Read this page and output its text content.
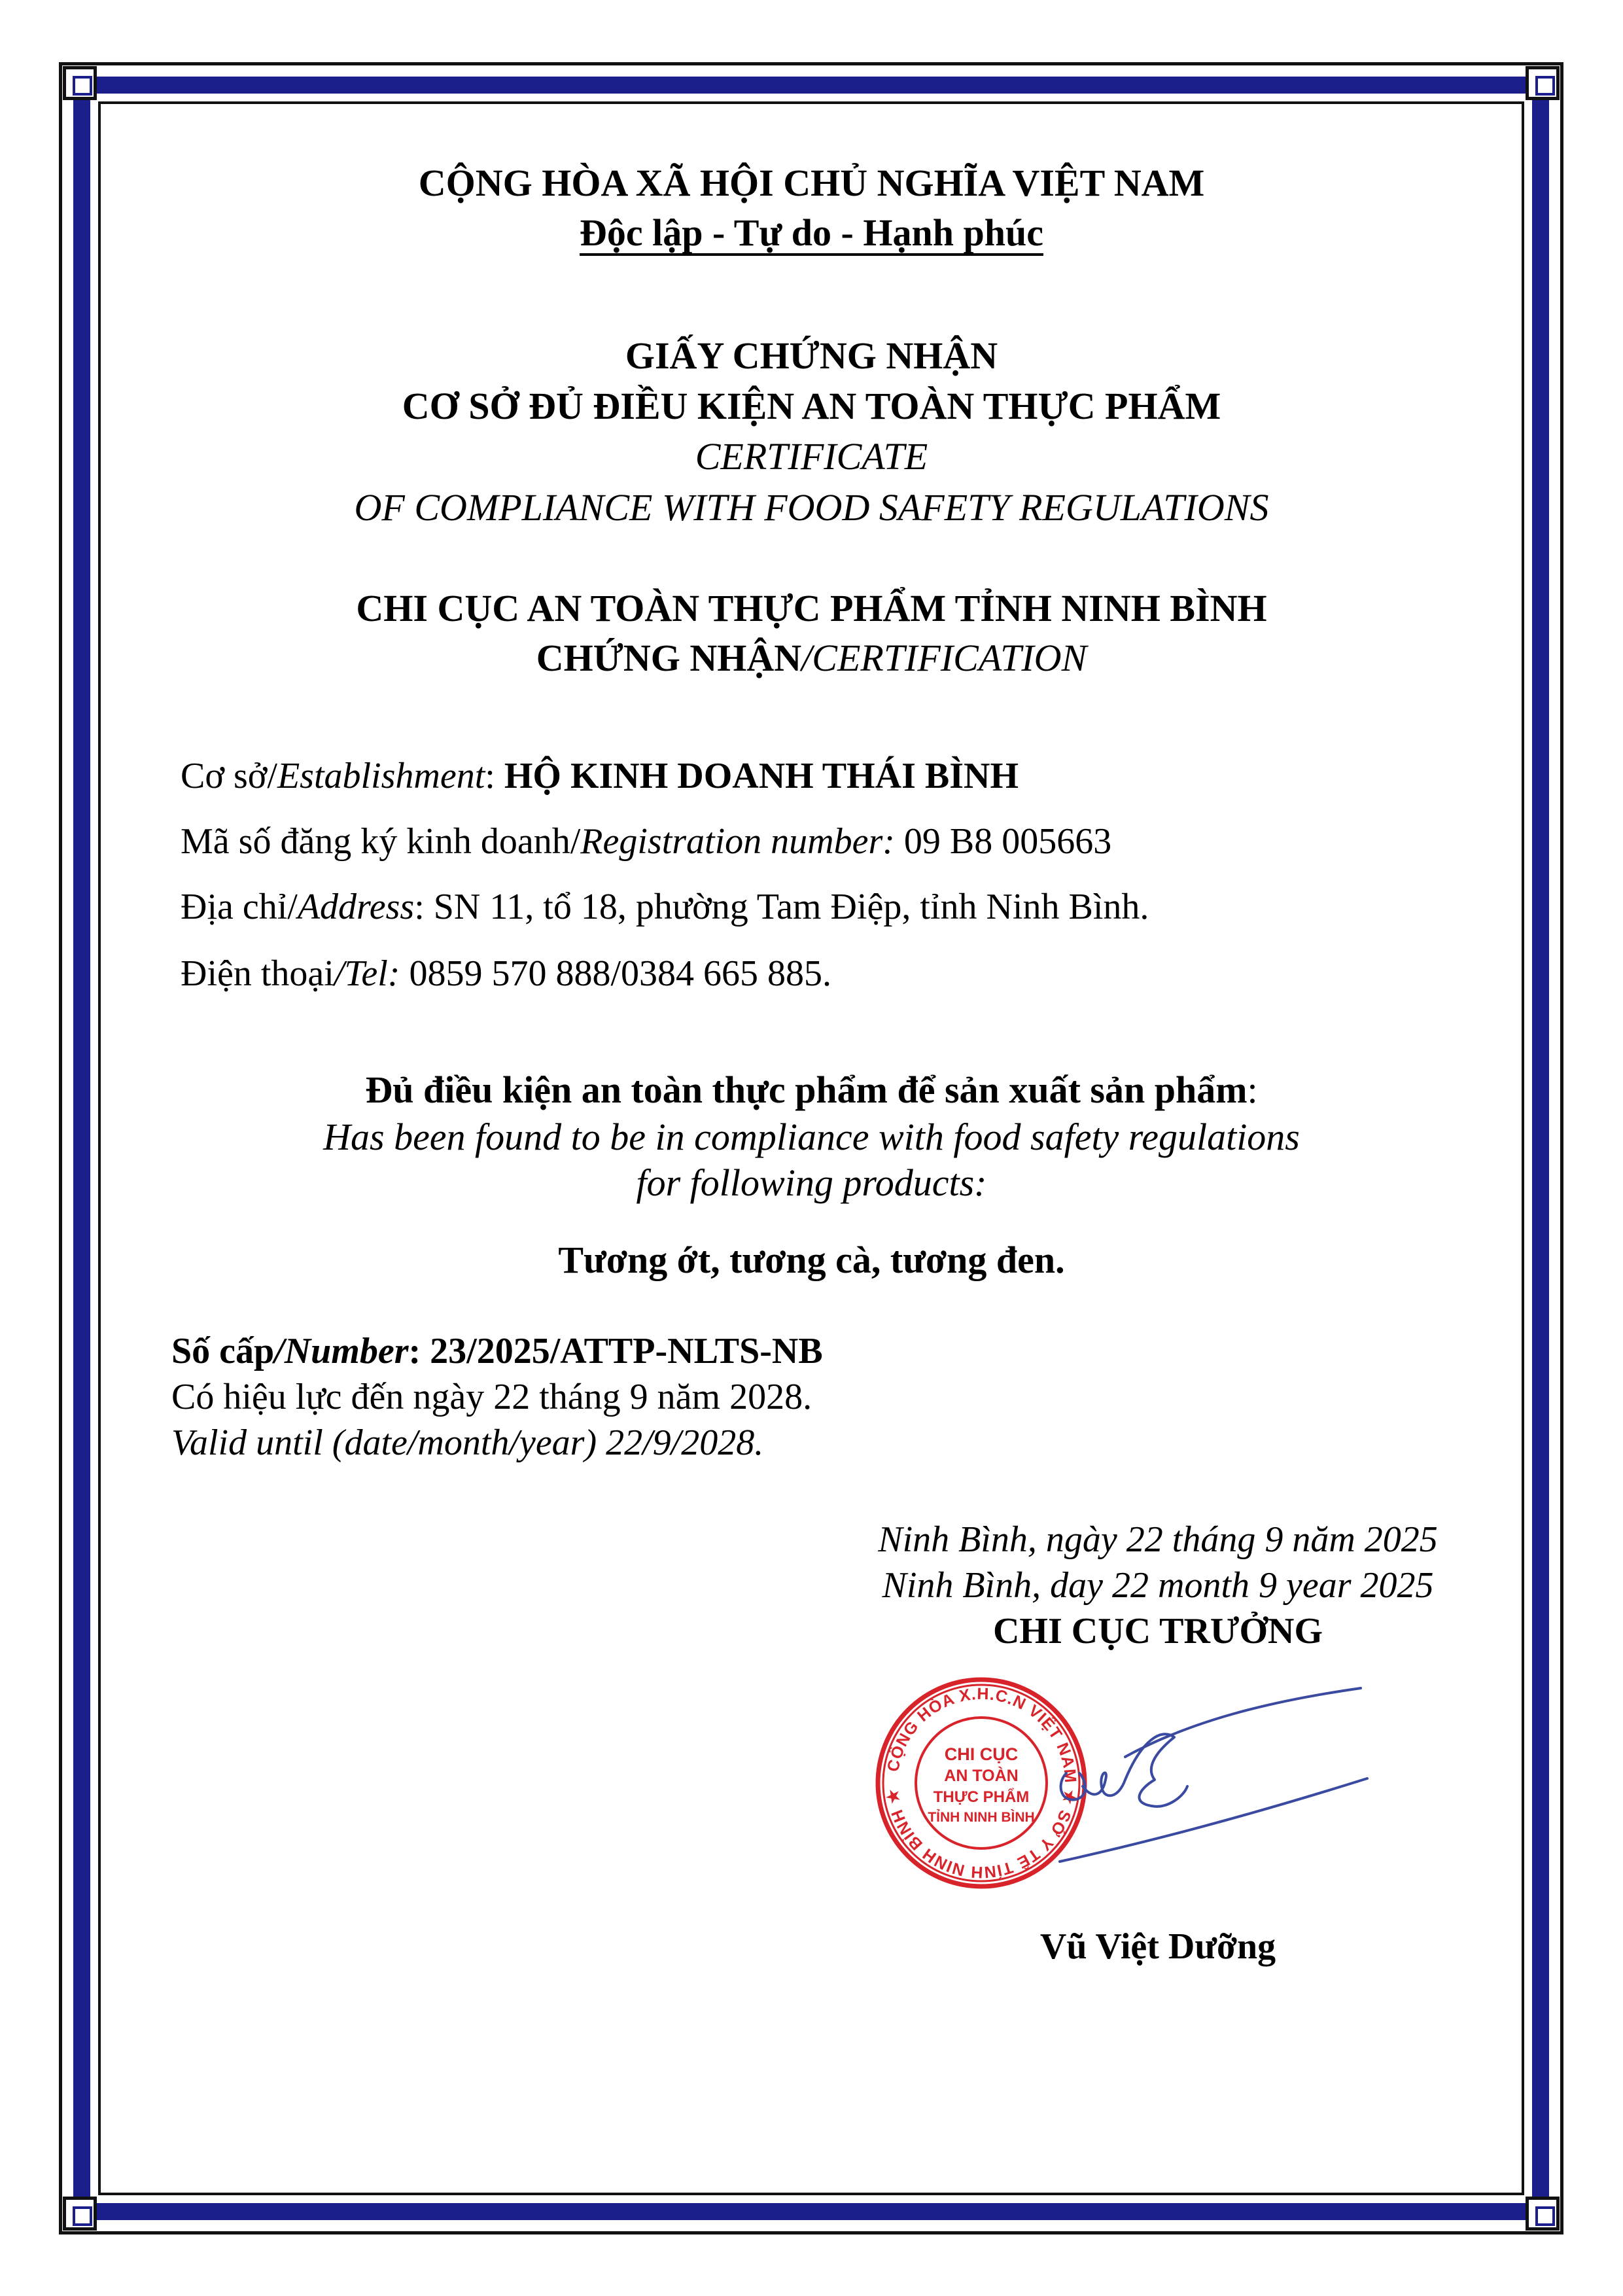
CỘNG HÒA XÃ HỘI CHỦ NGHĨA VIỆT NAM
Độc lập - Tự do - Hạnh phúc
GIẤY CHỨNG NHẬN
CƠ SỞ ĐỦ ĐIỀU KIỆN AN TOÀN THỰC PHẨM
CERTIFICATE
OF COMPLIANCE WITH FOOD SAFETY REGULATIONS
CHI CỤC AN TOÀN THỰC PHẨM TỈNH NINH BÌNH
CHỨNG NHẬN/CERTIFICATION
Cơ sở/Establishment: HỘ KINH DOANH THÁI BÌNH
Mã số đăng ký kinh doanh/Registration number: 09 B8 005663
Địa chỉ/Address: SN 11, tổ 18, phường Tam Điệp, tỉnh Ninh Bình.
Điện thoại/Tel: 0859 570 888/0384 665 885.
Đủ điều kiện an toàn thực phẩm để sản xuất sản phẩm:
Has been found to be in compliance with food safety regulations
for following products:
Tương ớt, tương cà, tương đen.
Số cấp/Number: 23/2025/ATTP-NLTS-NB
Có hiệu lực đến ngày 22 tháng 9 năm 2028.
Valid until (date/month/year) 22/9/2028.
Ninh Bình, ngày 22 tháng 9 năm 2025
Ninh Bình, day 22 month 9 year 2025
CHI CỤC TRƯỞNG
CỘNG HÒA X.H.C.N VIỆT NAM ★ SỞ Y TẾ TỈNH NINH BÌNH ★
CHI CỤC
AN TOÀN
THỰC PHẨM
TỈNH NINH BÌNH
Vũ Việt Dưỡng
